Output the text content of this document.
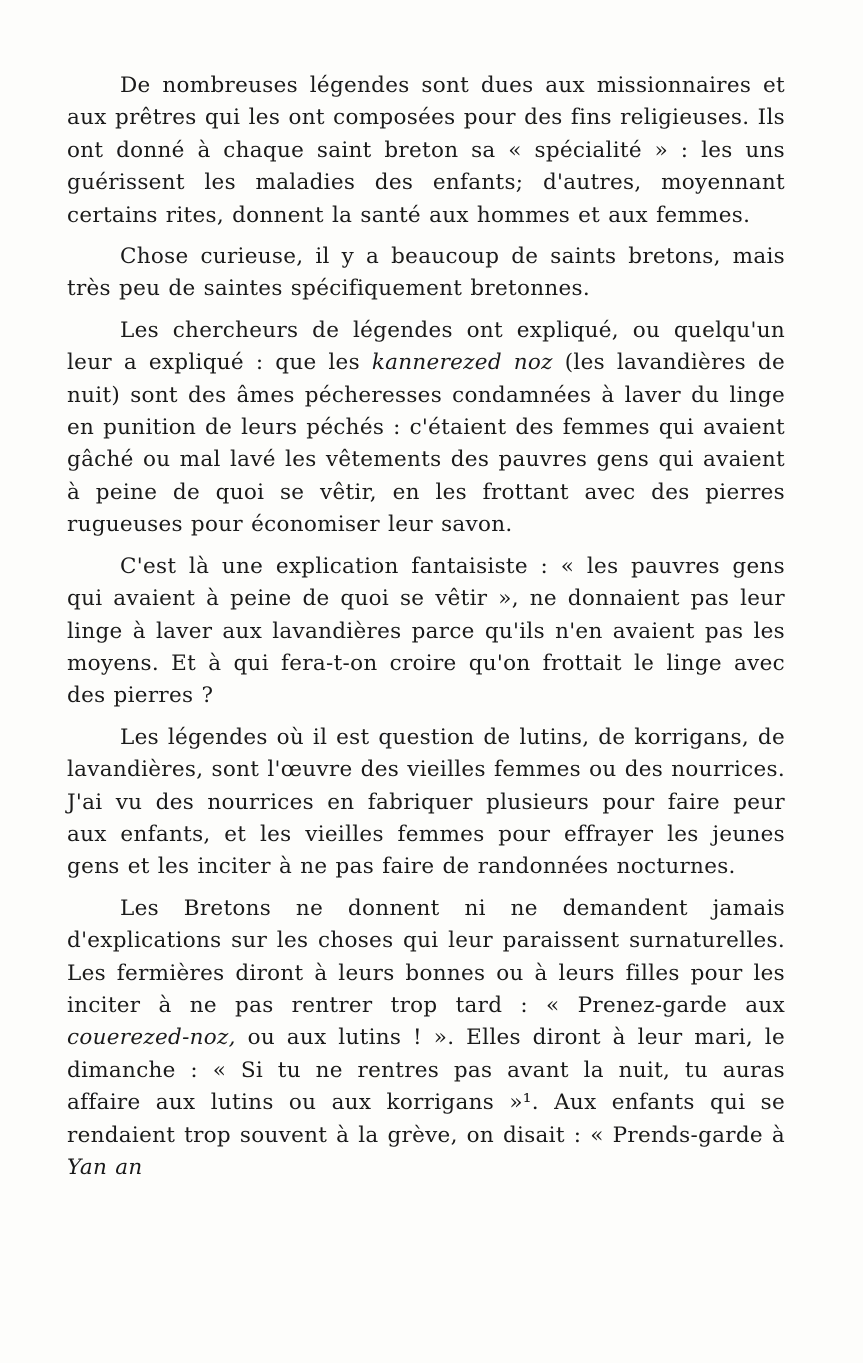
De nombreuses légendes sont dues aux missionnaires et aux prêtres qui les ont composées pour des fins religieuses. Ils ont donné à chaque saint breton sa « spécialité » : les uns guérissent les maladies des enfants; d'autres, moyennant certains rites, donnent la santé aux hommes et aux femmes.

Chose curieuse, il y a beaucoup de saints bretons, mais très peu de saintes spécifiquement bretonnes.

Les chercheurs de légendes ont expliqué, ou quelqu'un leur a expliqué : que les kannerezed noz (les lavandières de nuit) sont des âmes pécheresses condamnées à laver du linge en punition de leurs péchés : c'étaient des femmes qui avaient gâché ou mal lavé les vêtements des pauvres gens qui avaient à peine de quoi se vêtir, en les frottant avec des pierres rugueuses pour économiser leur savon.

C'est là une explication fantaisiste : « les pauvres gens qui avaient à peine de quoi se vêtir », ne donnaient pas leur linge à laver aux lavandières parce qu'ils n'en avaient pas les moyens. Et à qui fera-t-on croire qu'on frottait le linge avec des pierres ?

Les légendes où il est question de lutins, de korrigans, de lavandières, sont l'œuvre des vieilles femmes ou des nourrices. J'ai vu des nourrices en fabriquer plusieurs pour faire peur aux enfants, et les vieilles femmes pour effrayer les jeunes gens et les inciter à ne pas faire de randonnées nocturnes.

Les Bretons ne donnent ni ne demandent jamais d'explications sur les choses qui leur paraissent surnaturelles. Les fermières diront à leurs bonnes ou à leurs filles pour les inciter à ne pas rentrer trop tard : « Prenez-garde aux couerezed-noz, ou aux lutins ! ». Elles diront à leur mari, le dimanche : « Si tu ne rentres pas avant la nuit, tu auras affaire aux lutins ou aux korrigans »¹. Aux enfants qui se rendaient trop souvent à la grève, on disait : « Prends-garde à Yan an
